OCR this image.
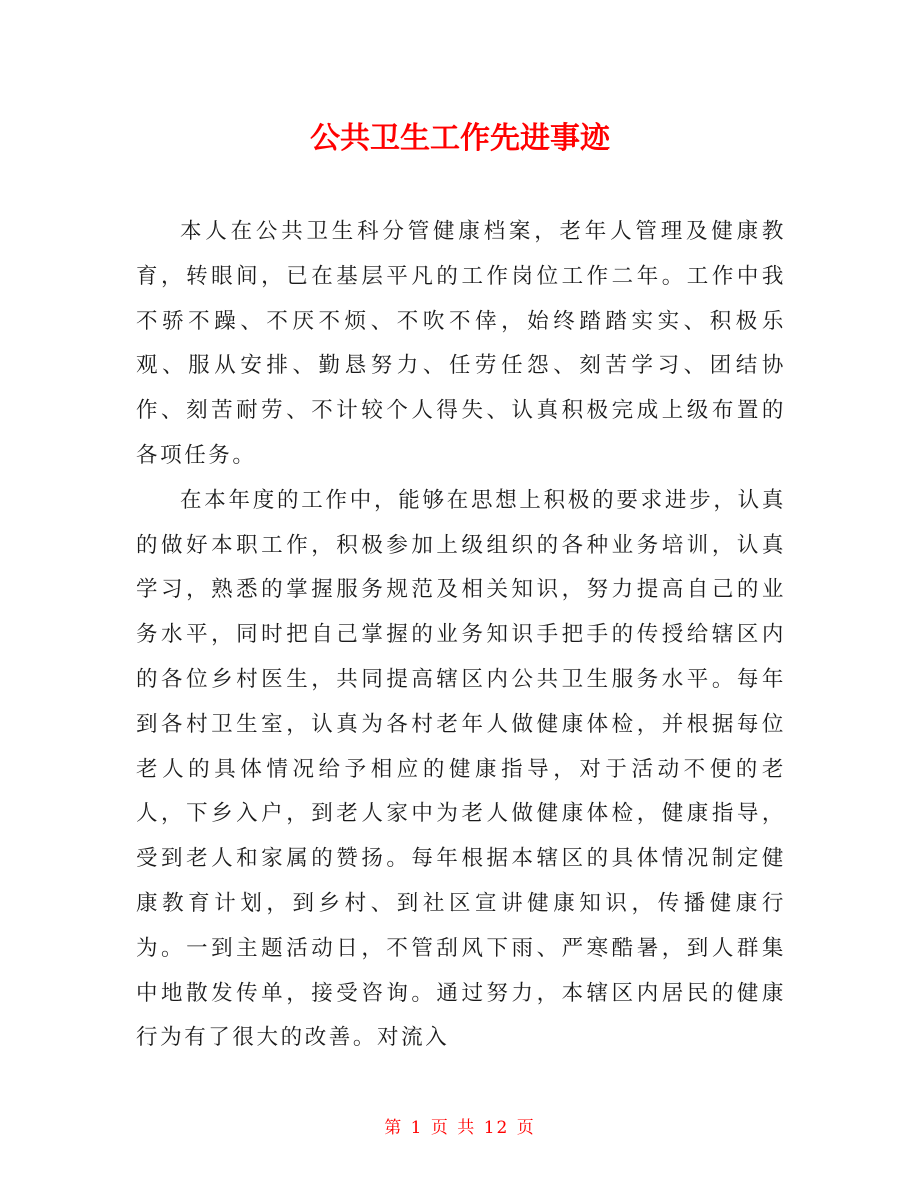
公共卫生工作先进事迹

本人在公共卫生科分管健康档案，老年人管理及健康教育，转眼间，已在基层平凡的工作岗位工作二年。工作中我不骄不躁、不厌不烦、不吹不倖，始终踏踏实实、积极乐观、服从安排、勤恳努力、任劳任怨、刻苦学习、团结协作、刻苦耐劳、不计较个人得失、认真积极完成上级布置的各项任务。

在本年度的工作中，能够在思想上积极的要求进步，认真的做好本职工作，积极参加上级组织的各种业务培训，认真学习，熟悉的掌握服务规范及相关知识，努力提高自己的业务水平，同时把自己掌握的业务知识手把手的传授给辖区内的各位乡村医生，共同提高辖区内公共卫生服务水平。每年到各村卫生室，认真为各村老年人做健康体检，并根据每位老人的具体情况给予相应的健康指导，对于活动不便的老人，下乡入户，到老人家中为老人做健康体检，健康指导，受到老人和家属的赞扬。每年根据本辖区的具体情况制定健康教育计划，到乡村、到社区宣讲健康知识，传播健康行为。一到主题活动日，不管刮风下雨、严寒酷暑，到人群集中地散发传单，接受咨询。通过努力，本辖区内居民的健康行为有了很大的改善。对流入

第 1 页 共 12 页
